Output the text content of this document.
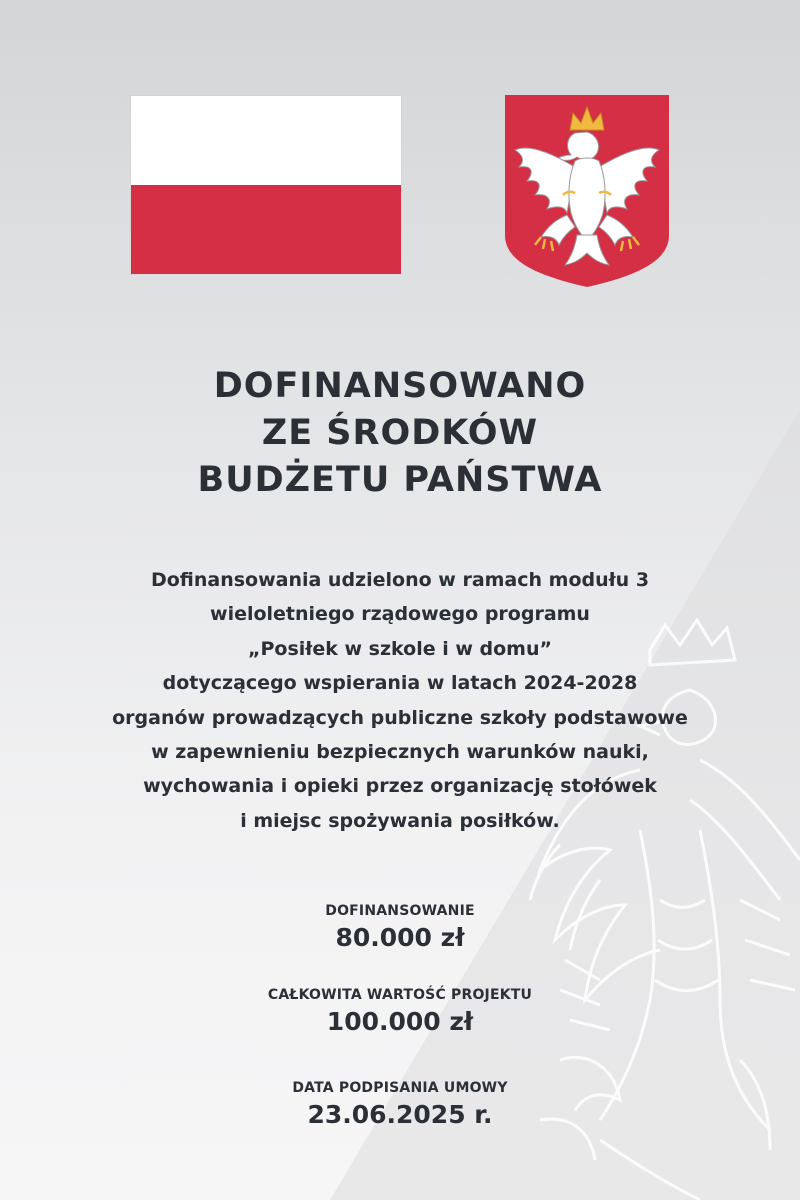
DOFINANSOWANO
ZE ŚRODKÓW
BUDŻETU PAŃSTWA
Dofinansowania udzielono w ramach modułu 3
wieloletniego rządowego programu
„Posiłek w szkole i w domu”
dotyczącego wspierania w latach 2024-2028
organów prowadzących publiczne szkoły podstawowe
w zapewnieniu bezpiecznych warunków nauki,
wychowania i opieki przez organizację stołówek
i miejsc spożywania posiłków.
DOFINANSOWANIE
80.000 zł
CAŁKOWITA WARTOŚĆ PROJEKTU
100.000 zł
DATA PODPISANIA UMOWY
23.06.2025 r.
